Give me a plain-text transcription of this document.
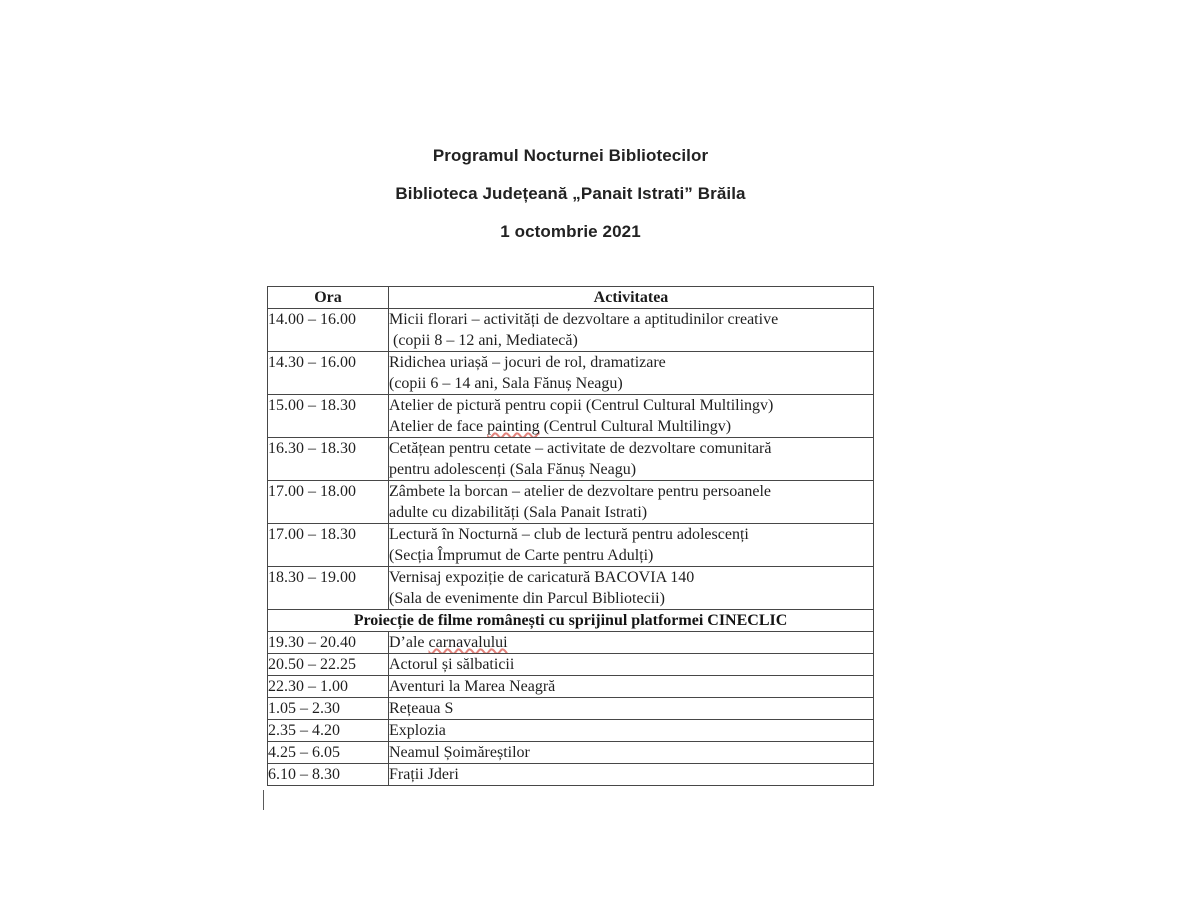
Programul Nocturnei Bibliotecilor
Biblioteca Județeană „Panait Istrati” Brăila
1 octombrie 2021
Ora	Activitatea
14.00 – 16.00	Micii florari – activități de dezvoltare a aptitudinilor creative
(copii 8 – 12 ani, Mediatecă)

14.30 – 16.00	Ridichea uriașă – jocuri de rol, dramatizare
(copii 6 – 14 ani, Sala Fănuș Neagu)

15.00 – 18.30	Atelier de pictură pentru copii (Centrul Cultural Multilingv)
Atelier de face painting (Centrul Cultural Multilingv)

16.30 – 18.30	Cetățean pentru cetate – activitate de dezvoltare comunitară
pentru adolescenți (Sala Fănuș Neagu)

17.00 – 18.00	Zâmbete la borcan – atelier de dezvoltare pentru persoanele
adulte cu dizabilități (Sala Panait Istrati)

17.00 – 18.30	Lectură în Nocturnă – club de lectură pentru adolescenți
(Secția Împrumut de Carte pentru Adulți)

18.30 – 19.00	Vernisaj expoziție de caricatură BACOVIA 140
(Sala de evenimente din Parcul Bibliotecii)

Proiecție de filme românești cu sprijinul platformei CINECLIC	
19.30 – 20.40	D’ale carnavalului

20.50 – 22.25	Actorul și sălbaticii

22.30 – 1.00	Aventuri la Marea Neagră

1.05 – 2.30	Rețeaua S

2.35 – 4.20	Explozia

4.25 – 6.05	Neamul Șoimăreștilor

6.10 – 8.30	Frații Jderi
